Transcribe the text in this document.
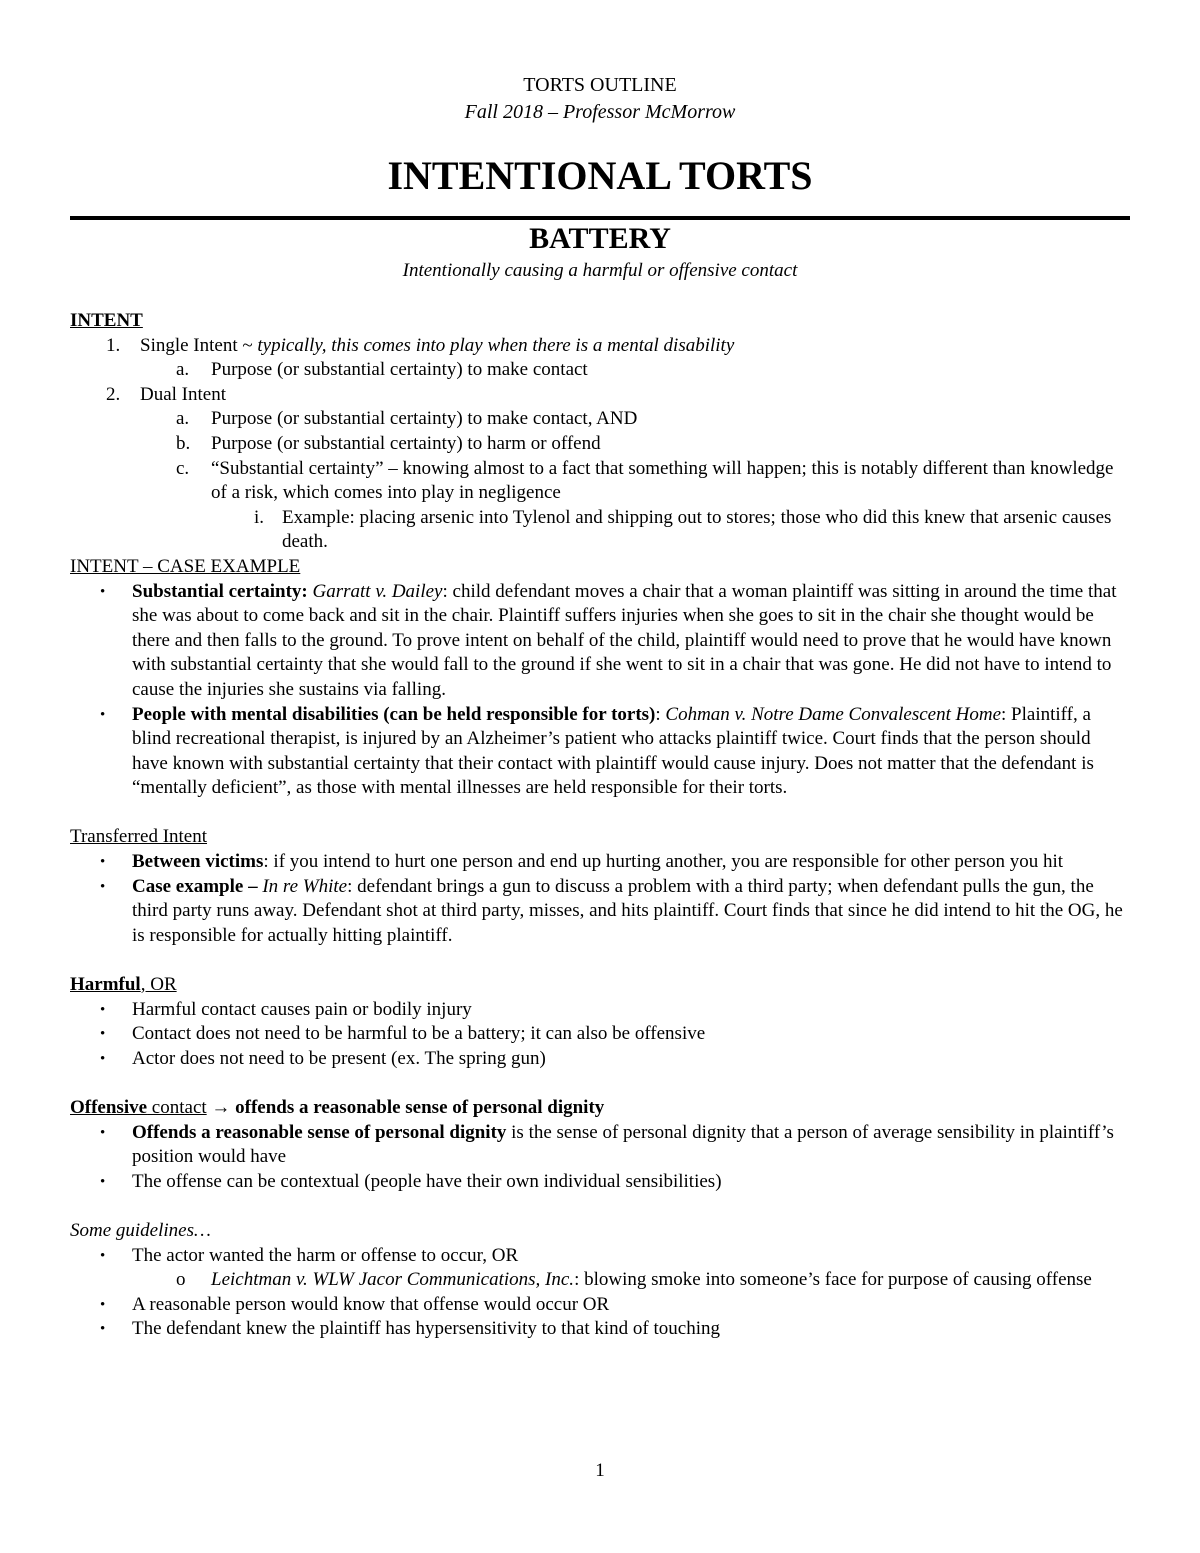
TORTS OUTLINE
Fall 2018 – Professor McMorrow
INTENTIONAL TORTS
BATTERY
Intentionally causing a harmful or offensive contact

INTENT

1. Single Intent ~ typically, this comes into play when there is a mental disability

a. Purpose (or substantial certainty) to make contact

2. Dual Intent

a. Purpose (or substantial certainty) to make contact, AND

b. Purpose (or substantial certainty) to harm or offend

c. “Substantial certainty” – knowing almost to a fact that something will happen; this is notably different than knowledge of a risk, which comes into play in negligence

i. Example: placing arsenic into Tylenol and shipping out to stores; those who did this knew that arsenic causes death.

INTENT – CASE EXAMPLE

• Substantial certainty: Garratt v. Dailey: child defendant moves a chair that a woman plaintiff was sitting in around the time that she was about to come back and sit in the chair. Plaintiff suffers injuries when she goes to sit in the chair she thought would be there and then falls to the ground. To prove intent on behalf of the child, plaintiff would need to prove that he would have known with substantial certainty that she would fall to the ground if she went to sit in a chair that was gone. He did not have to intend to cause the injuries she sustains via falling.

• People with mental disabilities (can be held responsible for torts): Cohman v. Notre Dame Convalescent Home: Plaintiff, a blind recreational therapist, is injured by an Alzheimer’s patient who attacks plaintiff twice. Court finds that the person should have known with substantial certainty that their contact with plaintiff would cause injury. Does not matter that the defendant is “mentally deficient”, as those with mental illnesses are held responsible for their torts.

Transferred Intent

• Between victims: if you intend to hurt one person and end up hurting another, you are responsible for other person you hit

• Case example – In re White: defendant brings a gun to discuss a problem with a third party; when defendant pulls the gun, the third party runs away. Defendant shot at third party, misses, and hits plaintiff. Court finds that since he did intend to hit the OG, he is responsible for actually hitting plaintiff.

Harmful, OR

• Harmful contact causes pain or bodily injury

• Contact does not need to be harmful to be a battery; it can also be offensive

• Actor does not need to be present (ex. The spring gun)

Offensive contact → offends a reasonable sense of personal dignity

• Offends a reasonable sense of personal dignity is the sense of personal dignity that a person of average sensibility in plaintiff’s position would have

• The offense can be contextual (people have their own individual sensibilities)

Some guidelines…

• The actor wanted the harm or offense to occur, OR

o Leichtman v. WLW Jacor Communications, Inc.: blowing smoke into someone’s face for purpose of causing offense

• A reasonable person would know that offense would occur OR

• The defendant knew the plaintiff has hypersensitivity to that kind of touching

1
